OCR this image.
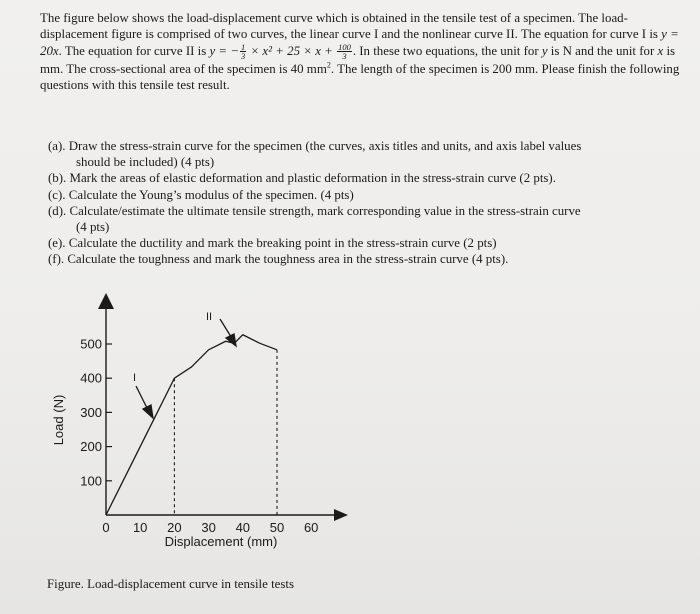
The figure below shows the load-displacement curve which is obtained in the tensile test of a specimen. The load-displacement figure is comprised of two curves, the linear curve I and the nonlinear curve II. The equation for curve I is y = 20x. The equation for curve II is y = − $\frac{1}{3} \times x^2 + 25 \times x + \frac{100}{3}$ . In these two equations, the unit for y is N and the unit for x is mm. The cross-sectional area of the specimen is 40 $mm^2$. The length of the specimen is 200 mm. Please finish the following questions with this tensile test result.

(a). Draw the stress-strain curve for the specimen (the curves, axis titles and units, and axis label values
should be included) (4 pts)

(b). Mark the areas of elastic deformation and plastic deformation in the stress-strain curve (2 pts).

(c). Calculate the Young’s modulus of the specimen. (4 pts)

(d). Calculate/estimate the ultimate tensile strength, mark corresponding value in the stress-strain curve
(4 pts)

(e). Calculate the ductility and mark the breaking point in the stress-strain curve (2 pts)

(f). Calculate the toughness and mark the toughness area in the stress-strain curve (4 pts).

100
200
300
400
500
0 10 20 30 40 50 60
I
II
Load (N)
Displacement (mm)
Figure. Load-displacement curve in tensile tests
